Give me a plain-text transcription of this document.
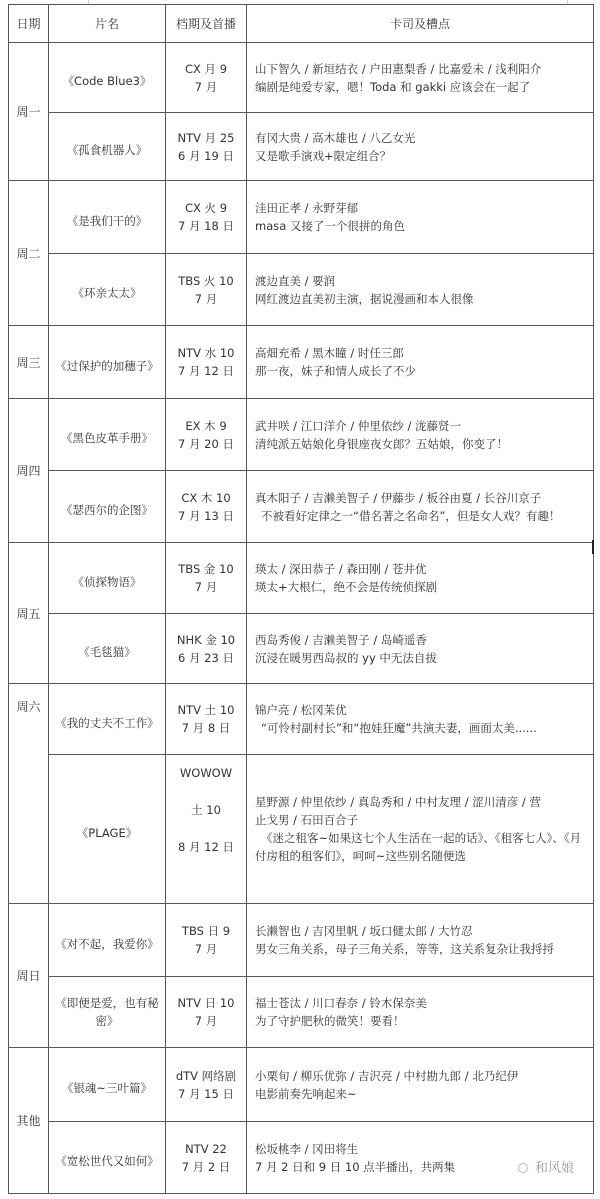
日期	片名	档期及首播	卡司及槽点
周一	《Code Blue3》	CX 月 9
7 月	山下智久 / 新垣结衣 / 户田惠梨香 / 比嘉爱未 / 浅利阳介
编剧是纯爱专家，嗯！Toda 和 gakki 应该会在一起了

	《孤食机器人》	NTV 月 25
6 月 19 日	有冈大贵 / 高木雄也 / 八乙女光
又是歌手演戏+限定组合？

周二	《是我们干的》	CX 火 9
7 月 18 日	洼田正孝 / 永野芽郁
masa 又接了一个很拼的角色

	《环亲太太》	TBS 火 10
7 月	渡边直美 / 要润
网红渡边直美初主演，据说漫画和本人很像

周三	《过保护的加穗子》	NTV 水 10
7 月 12 日	高畑充希 / 黑木瞳 / 时任三郎
那一夜，妹子和情人成长了不少

周四	《黑色皮革手册》	EX 木 9
7 月 20 日	武井咲 / 江口洋介 / 仲里依纱 / 泷藤贤一
清纯派五姑娘化身银座夜女郎？五姑娘，你变了！

	《瑟西尔的企图》	CX 木 10
7 月 13 日	真木阳子 / 吉濑美智子 / 伊藤步 / 板谷由夏 / 长谷川京子
不被看好定律之一“借名著之名命名”，但是女人戏？有趣！

周五	《侦探物语》	TBS 金 10
7 月	瑛太 / 深田恭子 / 森田刚 / 苍井优
瑛太+大根仁，绝不会是传统侦探剧

	《毛毯猫》	NHK 金 10
6 月 23 日	西岛秀俊 / 吉濑美智子 / 岛崎遥香
沉浸在暖男西岛叔的 yy 中无法自拔

周六	《我的丈夫不工作》	NTV 土 10
7 月 8 日	锦户亮 / 松冈茉优
“可怜村副村长”和“抱娃狂魔”共演夫妻，画面太美......

	《PLAGE》	WOWOW
土 10
8 月 12 日	星野源 / 仲里依纱 / 真岛秀和 / 中村友理 / 涩川清彦 / 营
止戈男 / 石田百合子
《迷之租客~如果这七个人生活在一起的话》、《租客七人》、《月
付房租的租客们》，呵呵~这些别名随便选

周日	《对不起，我爱你》	TBS 日 9
7 月	长濑智也 / 吉冈里帆 / 坂口健太郎 / 大竹忍
男女三角关系，母子三角关系，等等，这关系复杂让我捋捋

	《即便是爱，也有秘
密》	NTV 日 10
7 月	福士苍汰 / 川口春奈 / 铃木保奈美
为了守护肥秋的微笑！要看！

其他	《银魂~三叶篇》	dTV 网络剧
7 月 15 日	小栗旬 / 柳乐优弥 / 吉沢亮 / 中村勘九郎 / 北乃纪伊
电影前奏先响起来~

	《宽松世代又如何》	NTV 22
7 月 2 日	松坂桃李 / 冈田将生
7 月 2 日和 9 日 10 点半播出，共两集	和风娘
